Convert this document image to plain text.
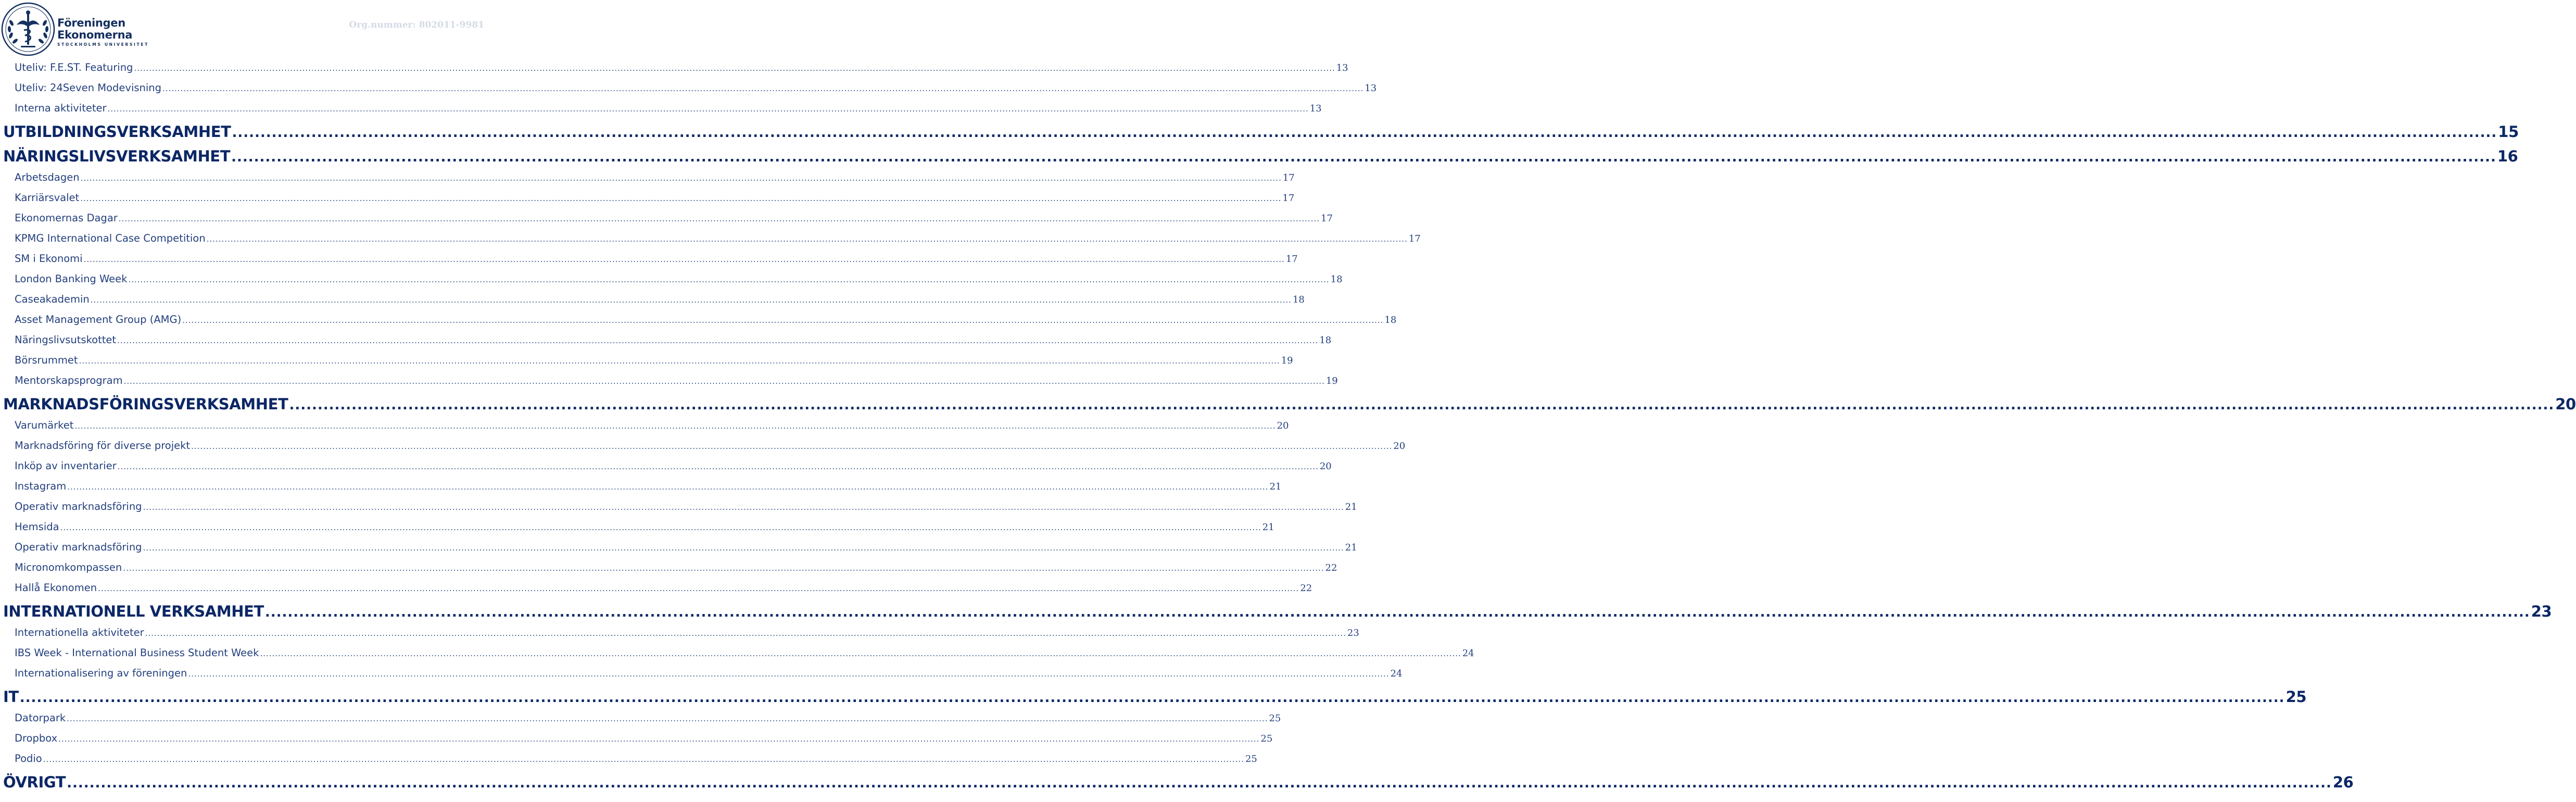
Föreningen
Ekonomerna
STOCKHOLMS UNIVERSITET
Org.nummer: 802011-9981
Uteliv: F.E.ST. Featuring ................................................................................................................................................................................................................................................................................................................................................................................................................ 13
Uteliv: 24Seven Modevisning ................................................................................................................................................................................................................................................................................................................................................................................................................ 13
Interna aktiviteter ................................................................................................................................................................................................................................................................................................................................................................................................................ 13
UTBILDNINGSVERKSAMHET ................................................................................................................................................................................................................................................................................................................................................................................................................ 15
NÄRINGSLIVSVERKSAMHET ................................................................................................................................................................................................................................................................................................................................................................................................................ 16
Arbetsdagen ................................................................................................................................................................................................................................................................................................................................................................................................................ 17
Karriärsvalet ................................................................................................................................................................................................................................................................................................................................................................................................................ 17
Ekonomernas Dagar ................................................................................................................................................................................................................................................................................................................................................................................................................ 17
KPMG International Case Competition ................................................................................................................................................................................................................................................................................................................................................................................................................ 17
SM i Ekonomi ................................................................................................................................................................................................................................................................................................................................................................................................................ 17
London Banking Week ................................................................................................................................................................................................................................................................................................................................................................................................................ 18
Caseakademin ................................................................................................................................................................................................................................................................................................................................................................................................................ 18
Asset Management Group (AMG) ................................................................................................................................................................................................................................................................................................................................................................................................................ 18
Näringslivsutskottet ................................................................................................................................................................................................................................................................................................................................................................................................................ 18
Börsrummet ................................................................................................................................................................................................................................................................................................................................................................................................................ 19
Mentorskapsprogram ................................................................................................................................................................................................................................................................................................................................................................................................................ 19
MARKNADSFÖRINGSVERKSAMHET ................................................................................................................................................................................................................................................................................................................................................................................................................ 20
Varumärket ................................................................................................................................................................................................................................................................................................................................................................................................................ 20
Marknadsföring för diverse projekt ................................................................................................................................................................................................................................................................................................................................................................................................................ 20
Inköp av inventarier ................................................................................................................................................................................................................................................................................................................................................................................................................ 20
Instagram ................................................................................................................................................................................................................................................................................................................................................................................................................ 21
Operativ marknadsföring ................................................................................................................................................................................................................................................................................................................................................................................................................ 21
Hemsida ................................................................................................................................................................................................................................................................................................................................................................................................................ 21
Operativ marknadsföring ................................................................................................................................................................................................................................................................................................................................................................................................................ 21
Micronomkompassen ................................................................................................................................................................................................................................................................................................................................................................................................................ 22
Hallå Ekonomen ................................................................................................................................................................................................................................................................................................................................................................................................................ 22
INTERNATIONELL VERKSAMHET ................................................................................................................................................................................................................................................................................................................................................................................................................ 23
Internationella aktiviteter ................................................................................................................................................................................................................................................................................................................................................................................................................ 23
IBS Week - International Business Student Week ................................................................................................................................................................................................................................................................................................................................................................................................................ 24
Internationalisering av föreningen ................................................................................................................................................................................................................................................................................................................................................................................................................ 24
IT ................................................................................................................................................................................................................................................................................................................................................................................................................ 25
Datorpark ................................................................................................................................................................................................................................................................................................................................................................................................................ 25
Dropbox ................................................................................................................................................................................................................................................................................................................................................................................................................ 25
Podio ................................................................................................................................................................................................................................................................................................................................................................................................................ 25
ÖVRIGT ................................................................................................................................................................................................................................................................................................................................................................................................................ 26
